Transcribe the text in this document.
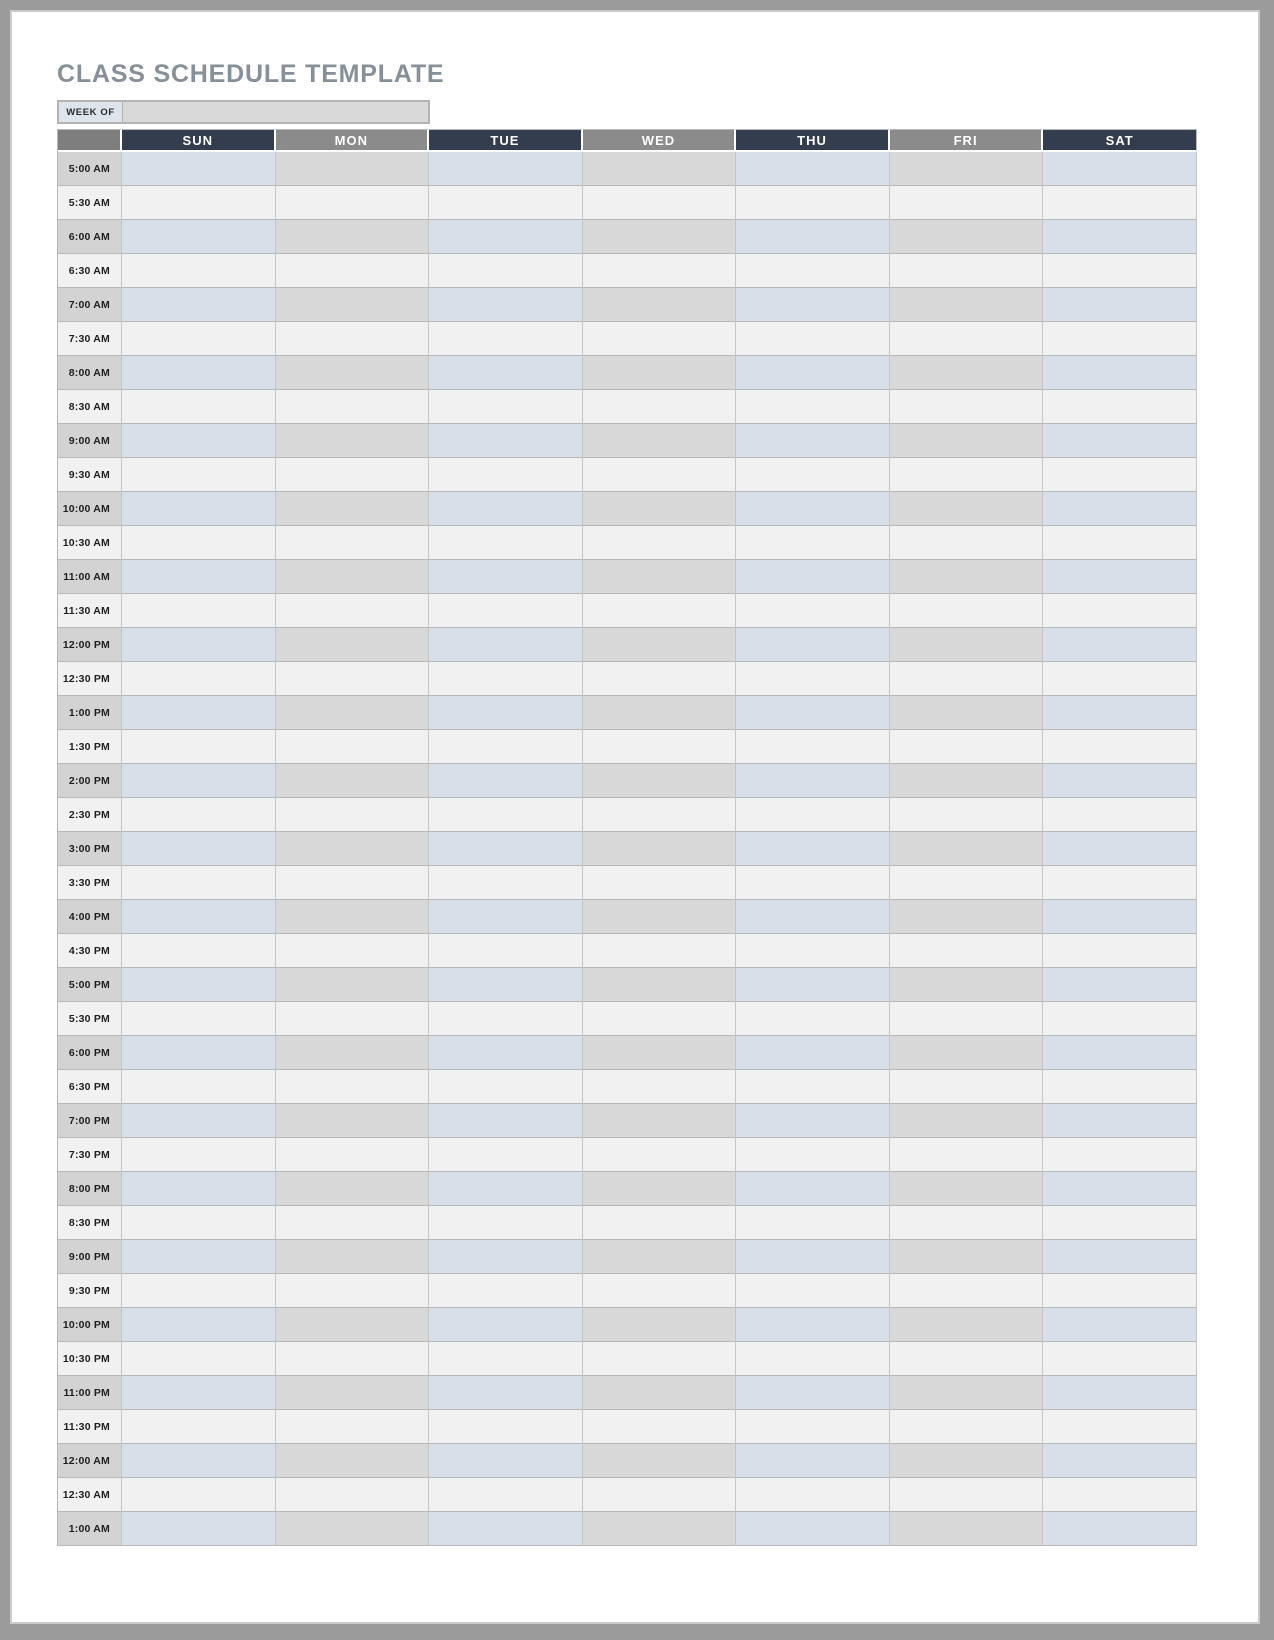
CLASS SCHEDULE TEMPLATE
WEEK OF
	SUN	MON	TUE	WED	THU	FRI	SAT
5:00 AM							
5:30 AM							
6:00 AM							
6:30 AM							
7:00 AM							
7:30 AM							
8:00 AM							
8:30 AM							
9:00 AM							
9:30 AM							
10:00 AM							
10:30 AM							
11:00 AM							
11:30 AM							
12:00 PM							
12:30 PM							
1:00 PM							
1:30 PM							
2:00 PM							
2:30 PM							
3:00 PM							
3:30 PM							
4:00 PM							
4:30 PM							
5:00 PM							
5:30 PM							
6:00 PM							
6:30 PM							
7:00 PM							
7:30 PM							
8:00 PM							
8:30 PM							
9:00 PM							
9:30 PM							
10:00 PM							
10:30 PM							
11:00 PM							
11:30 PM							
12:00 AM							
12:30 AM							
1:00 AM							
